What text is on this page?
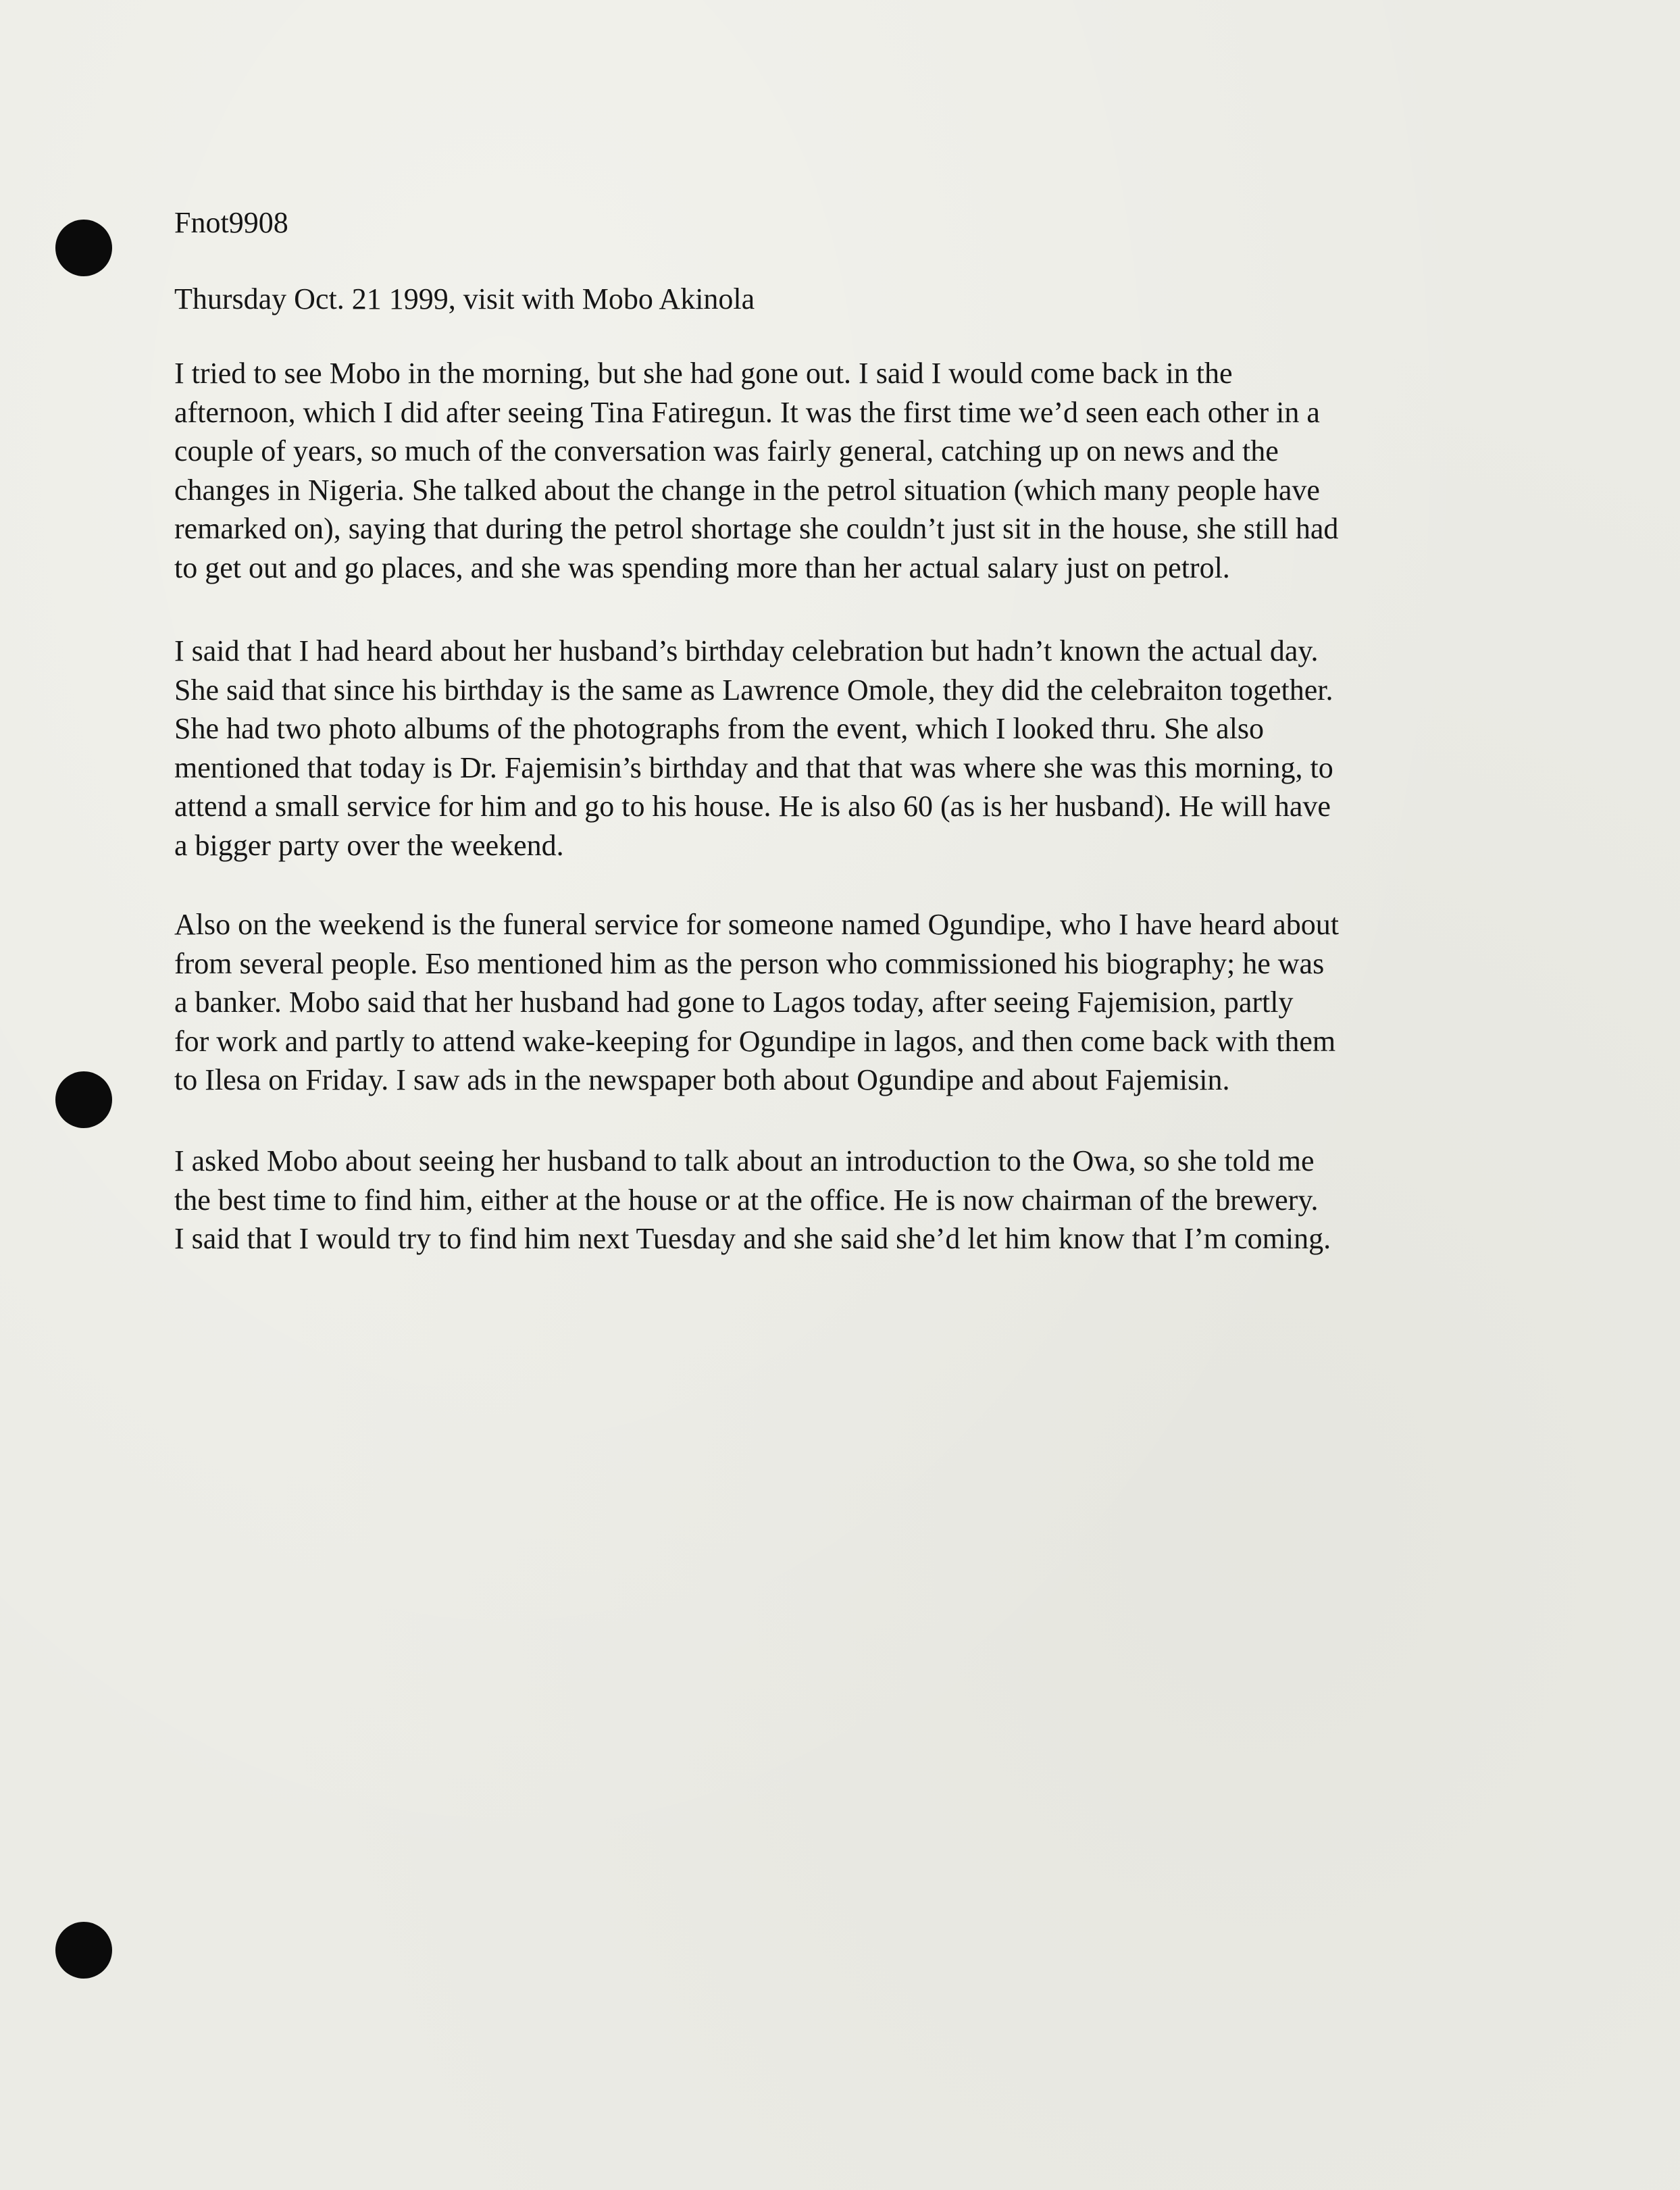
Fnot9908
Thursday Oct. 21 1999, visit with Mobo Akinola
I tried to see Mobo in the morning, but she had gone out. I said I would come back in the
afternoon, which I did after seeing Tina Fatiregun. It was the first time we’d seen each other in a
couple of years, so much of the conversation was fairly general, catching up on news and the
changes in Nigeria. She talked about the change in the petrol situation (which many people have
remarked on), saying that during the petrol shortage she couldn’t just sit in the house, she still had
to get out and go places, and she was spending more than her actual salary just on petrol.
I said that I had heard about her husband’s birthday celebration but hadn’t known the actual day.
She said that since his birthday is the same as Lawrence Omole, they did the celebraiton together.
She had two photo albums of the photographs from the event, which I looked thru. She also
mentioned that today is Dr. Fajemisin’s birthday and that that was where she was this morning, to
attend a small service for him and go to his house. He is also 60 (as is her husband). He will have
a bigger party over the weekend.
Also on the weekend is the funeral service for someone named Ogundipe, who I have heard about
from several people. Eso mentioned him as the person who commissioned his biography; he was
a banker. Mobo said that her husband had gone to Lagos today, after seeing Fajemision, partly
for work and partly to attend wake-keeping for Ogundipe in lagos, and then come back with them
to Ilesa on Friday. I saw ads in the newspaper both about Ogundipe and about Fajemisin.
I asked Mobo about seeing her husband to talk about an introduction to the Owa, so she told me
the best time to find him, either at the house or at the office. He is now chairman of the brewery.
I said that I would try to find him next Tuesday and she said she’d let him know that I’m coming.
